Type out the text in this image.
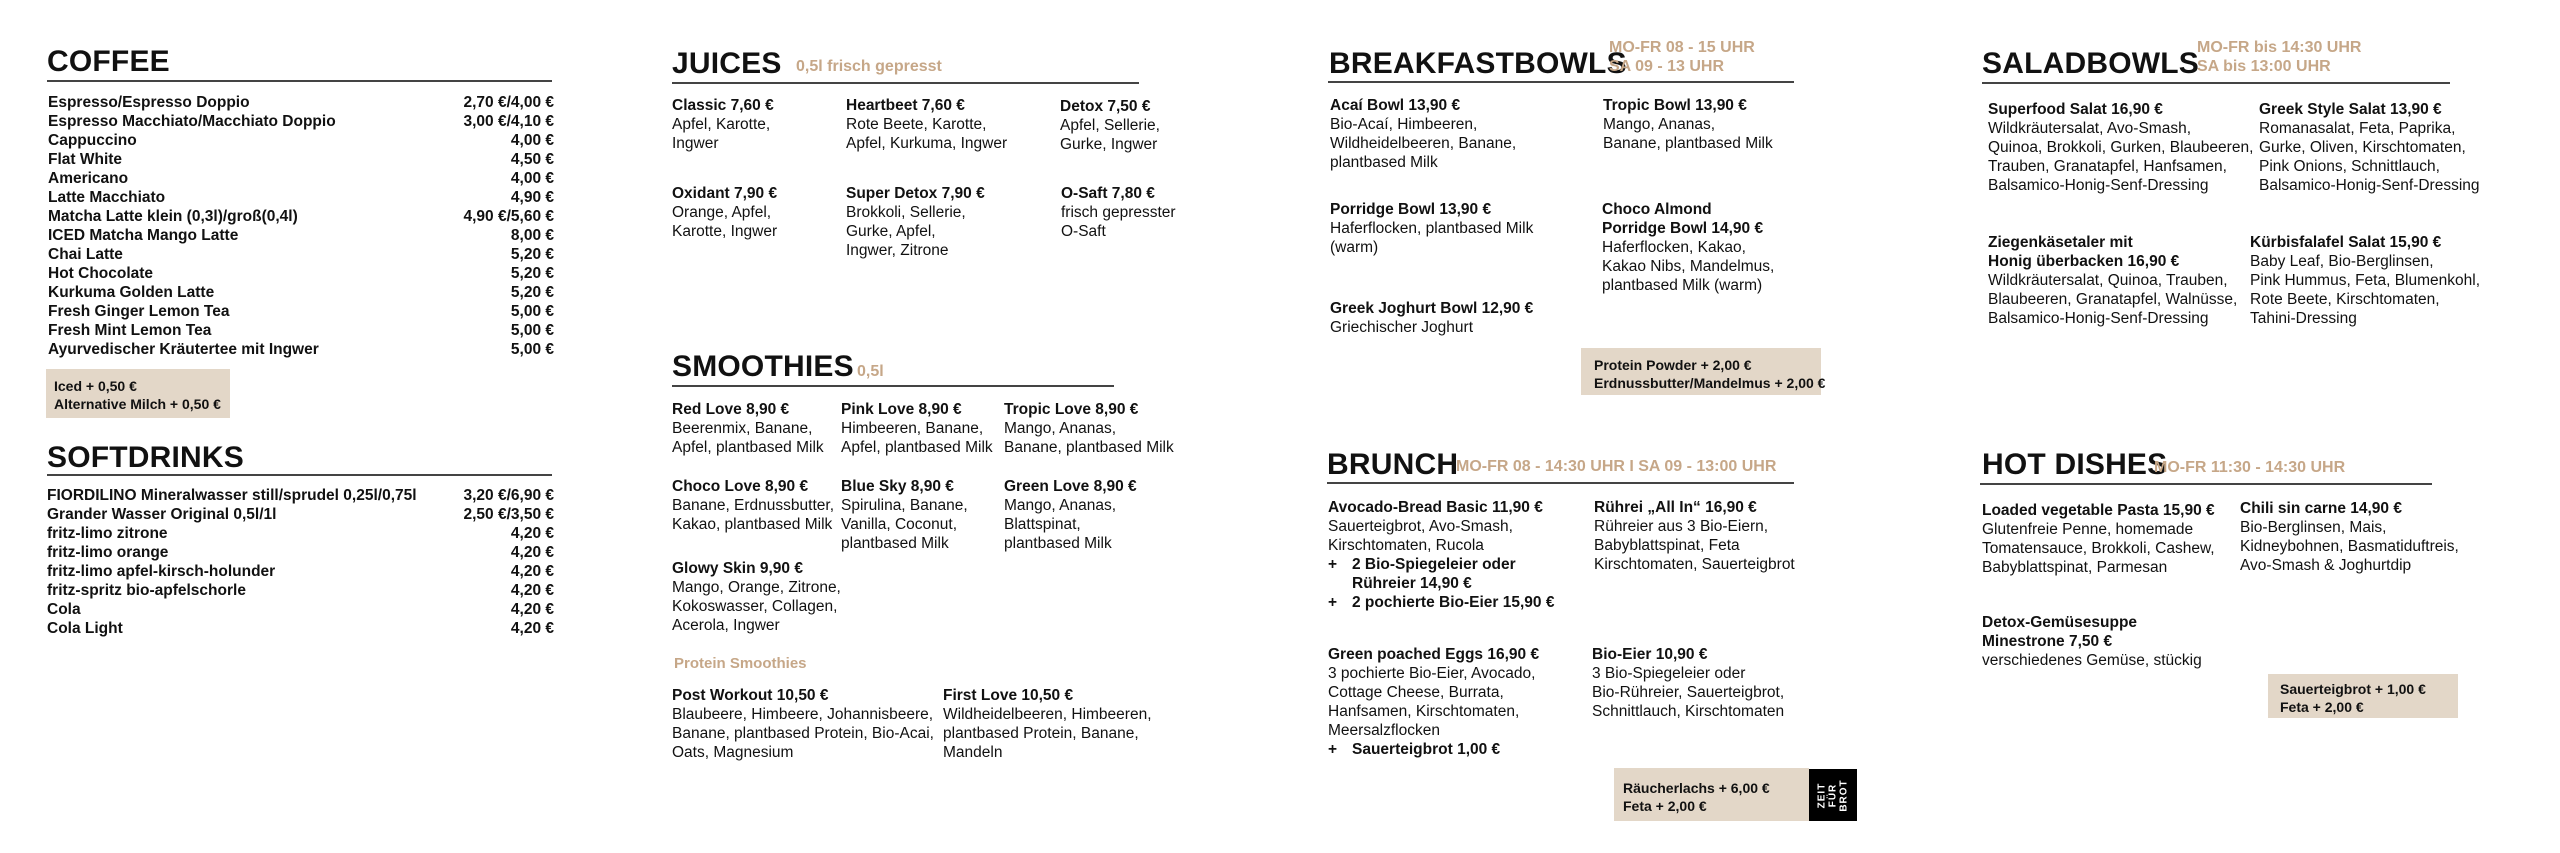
COFFEE
Espresso/Espresso Doppio	2,70 €/4,00 €
Espresso Macchiato/Macchiato Doppio	3,00 €/4,10 €
Cappuccino	4,00 €
Flat White	4,50 €
Americano	4,00 €
Latte Macchiato	4,90 €
Matcha Latte klein (0,3l)/groß(0,4l)	4,90 €/5,60 €
ICED Matcha Mango Latte	8,00 €
Chai Latte	5,20 €
Hot Chocolate	5,20 €
Kurkuma Golden Latte	5,20 €
Fresh Ginger Lemon Tea	5,00 €
Fresh Mint Lemon Tea	5,00 €
Ayurvedischer Kräutertee mit Ingwer	5,00 €
Iced + 0,50 €
Alternative Milch + 0,50 €
SOFTDRINKS
FIORDILINO Mineralwasser still/sprudel 0,25l/0,75l	3,20 €/6,90 €
Grander Wasser Original 0,5l/1l	2,50 €/3,50 €
fritz-limo zitrone	4,20 €
fritz-limo orange	4,20 €
fritz-limo apfel-kirsch-holunder	4,20 €
fritz-spritz bio-apfelschorle	4,20 €
Cola	4,20 €
Cola Light	4,20 €
JUICES 0,5l frisch gepresst
Classic 7,60 €
Apfel, Karotte,
Ingwer
Heartbeet 7,60 €
Rote Beete, Karotte,
Apfel, Kurkuma, Ingwer
Detox 7,50 €
Apfel, Sellerie,
Gurke, Ingwer
Oxidant 7,90 €
Orange, Apfel,
Karotte, Ingwer
Super Detox 7,90 €
Brokkoli, Sellerie,
Gurke, Apfel,
Ingwer, Zitrone
O-Saft 7,80 €
frisch gepresster
O-Saft
SMOOTHIES 0,5l
Red Love 8,90 €
Beerenmix, Banane,
Apfel, plantbased Milk
Pink Love 8,90 €
Himbeeren, Banane,
Apfel, plantbased Milk
Tropic Love 8,90 €
Mango, Ananas,
Banane, plantbased Milk
Choco Love 8,90 €
Banane, Erdnussbutter,
Kakao, plantbased Milk
Blue Sky 8,90 €
Spirulina, Banane,
Vanilla, Coconut,
plantbased Milk
Green Love 8,90 €
Mango, Ananas,
Blattspinat,
plantbased Milk
Glowy Skin 9,90 €
Mango, Orange, Zitrone,
Kokoswasser, Collagen,
Acerola, Ingwer
Protein Smoothies
Post Workout 10,50 €
Blaubeere, Himbeere, Johannisbeere,
Banane, plantbased Protein, Bio-Acai,
Oats, Magnesium
First Love 10,50 €
Wildheidelbeeren, Himbeeren,
plantbased Protein, Banane,
Mandeln
BREAKFASTBOWLS
MO-FR 08 - 15 UHR
SA 09 - 13 UHR
Acaí Bowl 13,90 €
Bio-Acaí, Himbeeren,
Wildheidelbeeren, Banane,
plantbased Milk
Tropic Bowl 13,90 €
Mango, Ananas,
Banane, plantbased Milk
Porridge Bowl 13,90 €
Haferflocken, plantbased Milk
(warm)
Choco Almond
Porridge Bowl 14,90 €
Haferflocken, Kakao,
Kakao Nibs, Mandelmus,
plantbased Milk (warm)
Greek Joghurt Bowl 12,90 €
Griechischer Joghurt
Protein Powder + 2,00 €
Erdnussbutter/Mandelmus + 2,00 €
BRUNCH
MO-FR 08 - 14:30 UHR I SA 09 - 13:00 UHR
Avocado-Bread Basic 11,90 €
Sauerteigbrot, Avo-Smash,
Kirschtomaten, Rucola
+ 2 Bio-Spiegeleier oder
Rühreier 14,90 €
+ 2 pochierte Bio-Eier 15,90 €
Rührei „All In“ 16,90 €
Rühreier aus 3 Bio-Eiern,
Babyblattspinat, Feta
Kirschtomaten, Sauerteigbrot
Green poached Eggs 16,90 €
3 pochierte Bio-Eier, Avocado,
Cottage Cheese, Burrata,
Hanfsamen, Kirschtomaten,
Meersalzflocken
+ Sauerteigbrot 1,00 €
Bio-Eier 10,90 €
3 Bio-Spiegeleier oder
Bio-Rühreier, Sauerteigbrot,
Schnittlauch, Kirschtomaten
Räucherlachs + 6,00 €
Feta + 2,00 €	ZEIT FÜR BROT
SALADBOWLS
MO-FR bis 14:30 UHR
SA bis 13:00 UHR
Superfood Salat 16,90 €
Wildkräutersalat, Avo-Smash,
Quinoa, Brokkoli, Gurken, Blaubeeren,
Trauben, Granatapfel, Hanfsamen,
Balsamico-Honig-Senf-Dressing
Greek Style Salat 13,90 €
Romanasalat, Feta, Paprika,
Gurke, Oliven, Kirschtomaten,
Pink Onions, Schnittlauch,
Balsamico-Honig-Senf-Dressing
Ziegenkäsetaler mit
Honig überbacken 16,90 €
Wildkräutersalat, Quinoa, Trauben,
Blaubeeren, Granatapfel, Walnüsse,
Balsamico-Honig-Senf-Dressing
Kürbisfalafel Salat 15,90 €
Baby Leaf, Bio-Berglinsen,
Pink Hummus, Feta, Blumenkohl,
Rote Beete, Kirschtomaten,
Tahini-Dressing
HOT DISHES
MO-FR 11:30 - 14:30 UHR
Loaded vegetable Pasta 15,90 €
Glutenfreie Penne, homemade
Tomatensauce, Brokkoli, Cashew,
Babyblattspinat, Parmesan
Chili sin carne 14,90 €
Bio-Berglinsen, Mais,
Kidneybohnen, Basmatiduftreis,
Avo-Smash & Joghurtdip
Detox-Gemüsesuppe
Minestrone 7,50 €
verschiedenes Gemüse, stückig
Sauerteigbrot + 1,00 €
Feta + 2,00 €
